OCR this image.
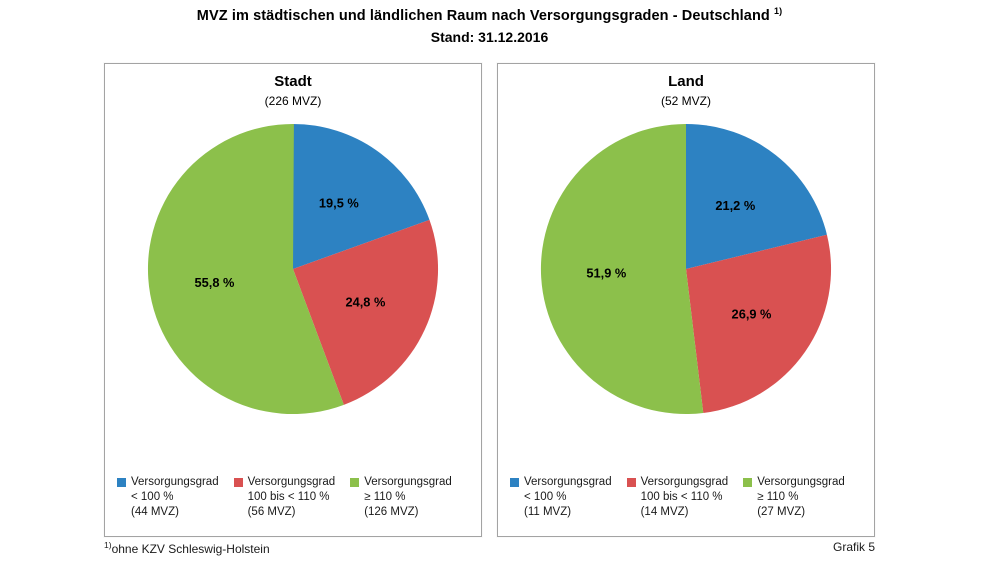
MVZ im städtischen und ländlichen Raum nach Versorgungsgraden - Deutschland $^{1)}$
Stand: 31.12.2016
Stadt
(226 MVZ)
19,5 %
24,8 %
55,8 %
Versorgungsgrad
< 100 %
(44 MVZ)
Versorgungsgrad
100 bis < 110 %
(56 MVZ)
Versorgungsgrad
≥ 110 %
(126 MVZ)
Land
(52 MVZ)
21,2 %
26,9 %
51,9 %
Versorgungsgrad
< 100 %
(11 MVZ)
Versorgungsgrad
100 bis < 110 %
(14 MVZ)
Versorgungsgrad
≥ 110 %
(27 MVZ)
$^{1)}$ohne KZV Schleswig-Holstein	Grafik 5
